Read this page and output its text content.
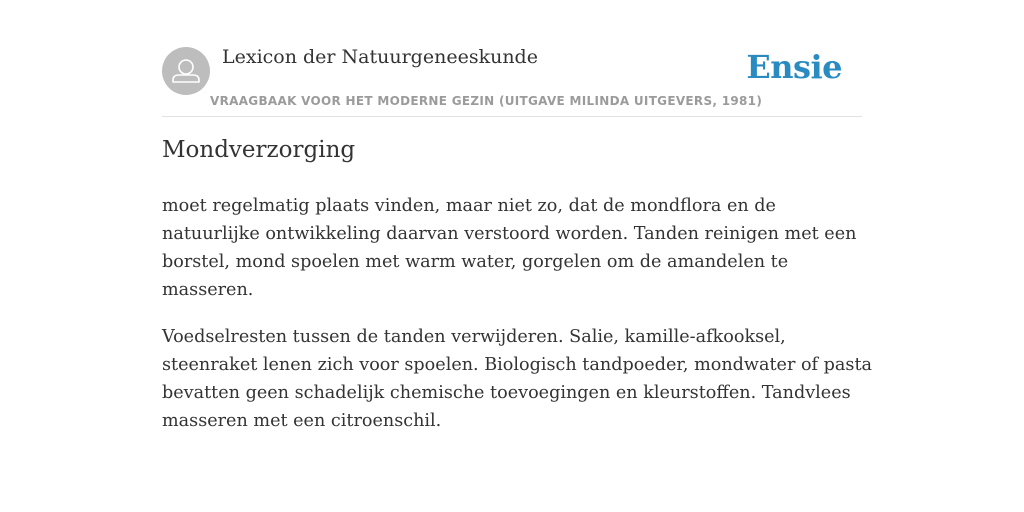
Lexicon der Natuurgeneeskunde
VRAAGBAAK VOOR HET MODERNE GEZIN (UITGAVE MILINDA UITGEVERS, 1981)
Ensie
Mondverzorging

moet regelmatig plaats vinden, maar niet zo, dat de mondflora en de natuurlijke ontwikkeling daarvan verstoord worden. Tanden reinigen met een borstel, mond spoelen met warm water, gorgelen om de amandelen te masseren.

Voedselresten tussen de tanden verwijderen. Salie, kamille-afkooksel, steenraket lenen zich voor spoelen. Biologisch tandpoeder, mondwater of pasta bevatten geen schadelijk chemische toevoegingen en kleurstoffen. Tandvlees masseren met een citroenschil.
